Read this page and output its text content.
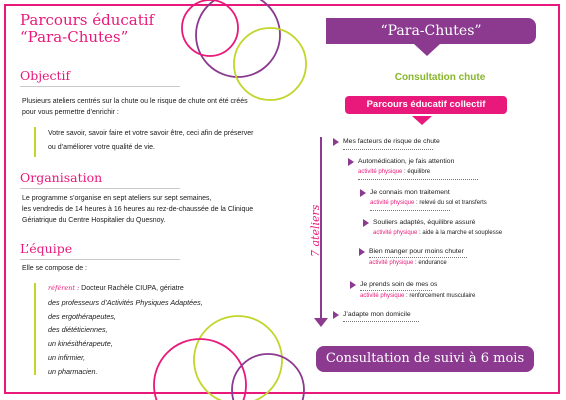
Parcours éducatif
“Para-Chutes”
Objectif
Plusieurs ateliers centrés sur la chute ou le risque de chute ont été créés
pour vous permettre d’enrichir :
Votre savoir, savoir faire et votre savoir être, ceci afin de préserver
ou d’améliorer votre qualité de vie.
Organisation
Le programme s’organise en sept ateliers sur sept semaines,
les vendredis de 14 heures à 16 heures au rez-de-chaussée de la Clinique
Gériatrique du Centre Hospitalier du Quesnoy.
L’équipe
Elle se compose de :
référent : Docteur Rachèle CIUPA, gériatre
des professeurs d’Activités Physiques Adaptées,
des ergothérapeutes,
des diététiciennes,
un kinésithérapeute,
un infirmier,
un pharmacien.
“Para-Chutes”
Consultation chute
Parcours éducatif collectif
7 ateliers
Mes facteurs de risque de chute
Automédication, je fais attention
activité physique : équilibre
Je connais mon traitement
activité physique : relevé du sol et transferts
Souliers adaptés, équilibre assuré
activité physique : aide à la marche et souplesse
Bien manger pour moins chuter
activité physique : endurance
Je prends soin de mes os
activité physique : renforcement musculaire
J’adapte mon domicile
Consultation de suivi à 6 mois
